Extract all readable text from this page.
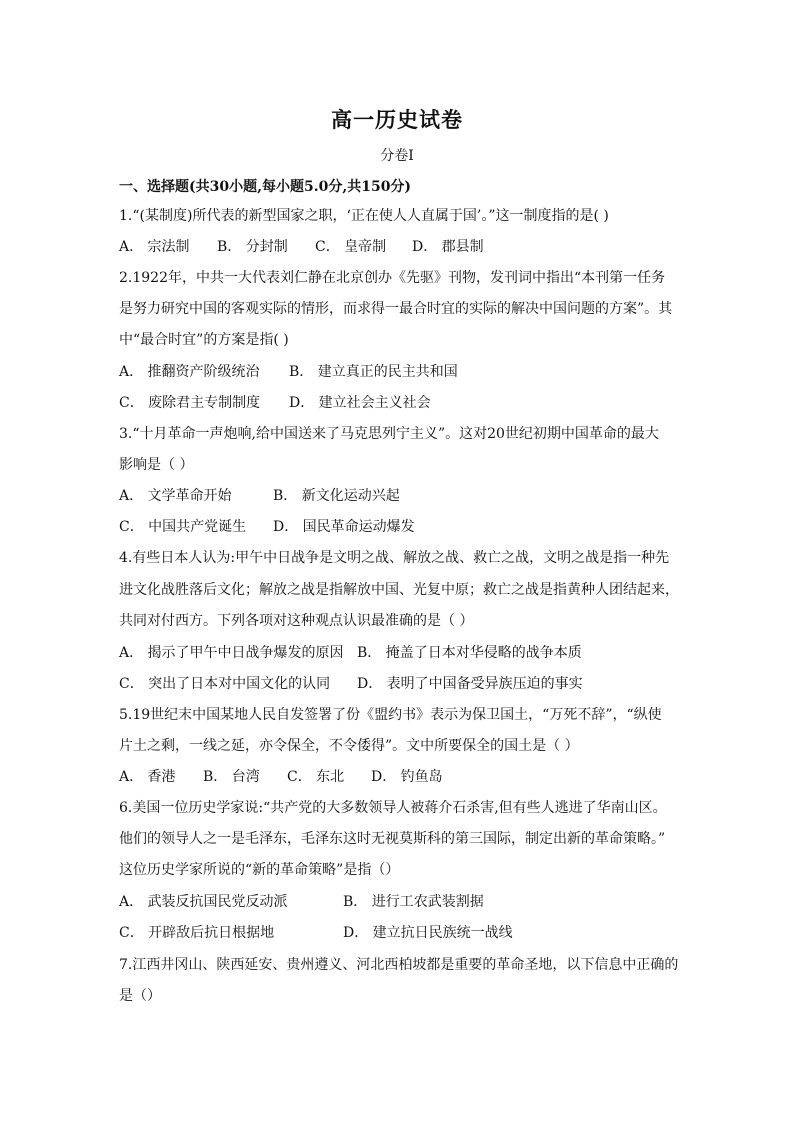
高一历史试卷
分卷I
一、选择题(共30小题,每小题5.0分,共150分)
1.“(某制度)所代表的新型国家之职，‘正在使人人直属于国’。”这一制度指的是( )
A． 宗法制 B． 分封制 C． 皇帝制 D． 郡县制
2.1922年，中共一大代表刘仁静在北京创办《先驱》刊物，发刊词中指出“本刊第一任务
是努力研究中国的客观实际的情形，而求得一最合时宜的实际的解决中国问题的方案”。其
中“最合时宜”的方案是指( )
A． 推翻资产阶级统治 B． 建立真正的民主共和国
C． 废除君主专制制度 D． 建立社会主义社会
3.“十月革命一声炮响,给中国送来了马克思列宁主义”。这对20世纪初期中国革命的最大
影响是（ ）
A． 文学革命开始	B． 新文化运动兴起
C． 中国共产党诞生 D． 国民革命运动爆发
4.有些日本人认为:甲午中日战争是文明之战、解放之战、救亡之战，文明之战是指一种先
进文化战胜落后文化；解放之战是指解放中国、光复中原；救亡之战是指黄种人团结起来，
共同对付西方。下列各项对这种观点认识最准确的是（ ）
A． 揭示了甲午中日战争爆发的原因 B． 掩盖了日本对华侵略的战争本质
C． 突出了日本对中国文化的认同 D． 表明了中国备受异族压迫的事实
5.19世纪末中国某地人民自发签署了份《盟约书》表示为保卫国土，“万死不辞”，“纵使
片土之剩，一线之延，亦令保全，不令倭得”。文中所要保全的国土是（ ）
A． 香港 B． 台湾 C． 东北 D． 钓鱼岛
6.美国一位历史学家说:“共产党的大多数领导人被蒋介石杀害,但有些人逃进了华南山区。
他们的领导人之一是毛泽东，毛泽东这时无视莫斯科的第三国际，制定出新的革命策略。”
这位历史学家所说的“新的革命策略”是指（）
A． 武装反抗国民党反动派	B． 进行工农武装割据
C． 开辟敌后抗日根据地	D． 建立抗日民族统一战线
7.江西井冈山、陕西延安、贵州遵义、河北西柏坡都是重要的革命圣地，以下信息中正确的
是（）
